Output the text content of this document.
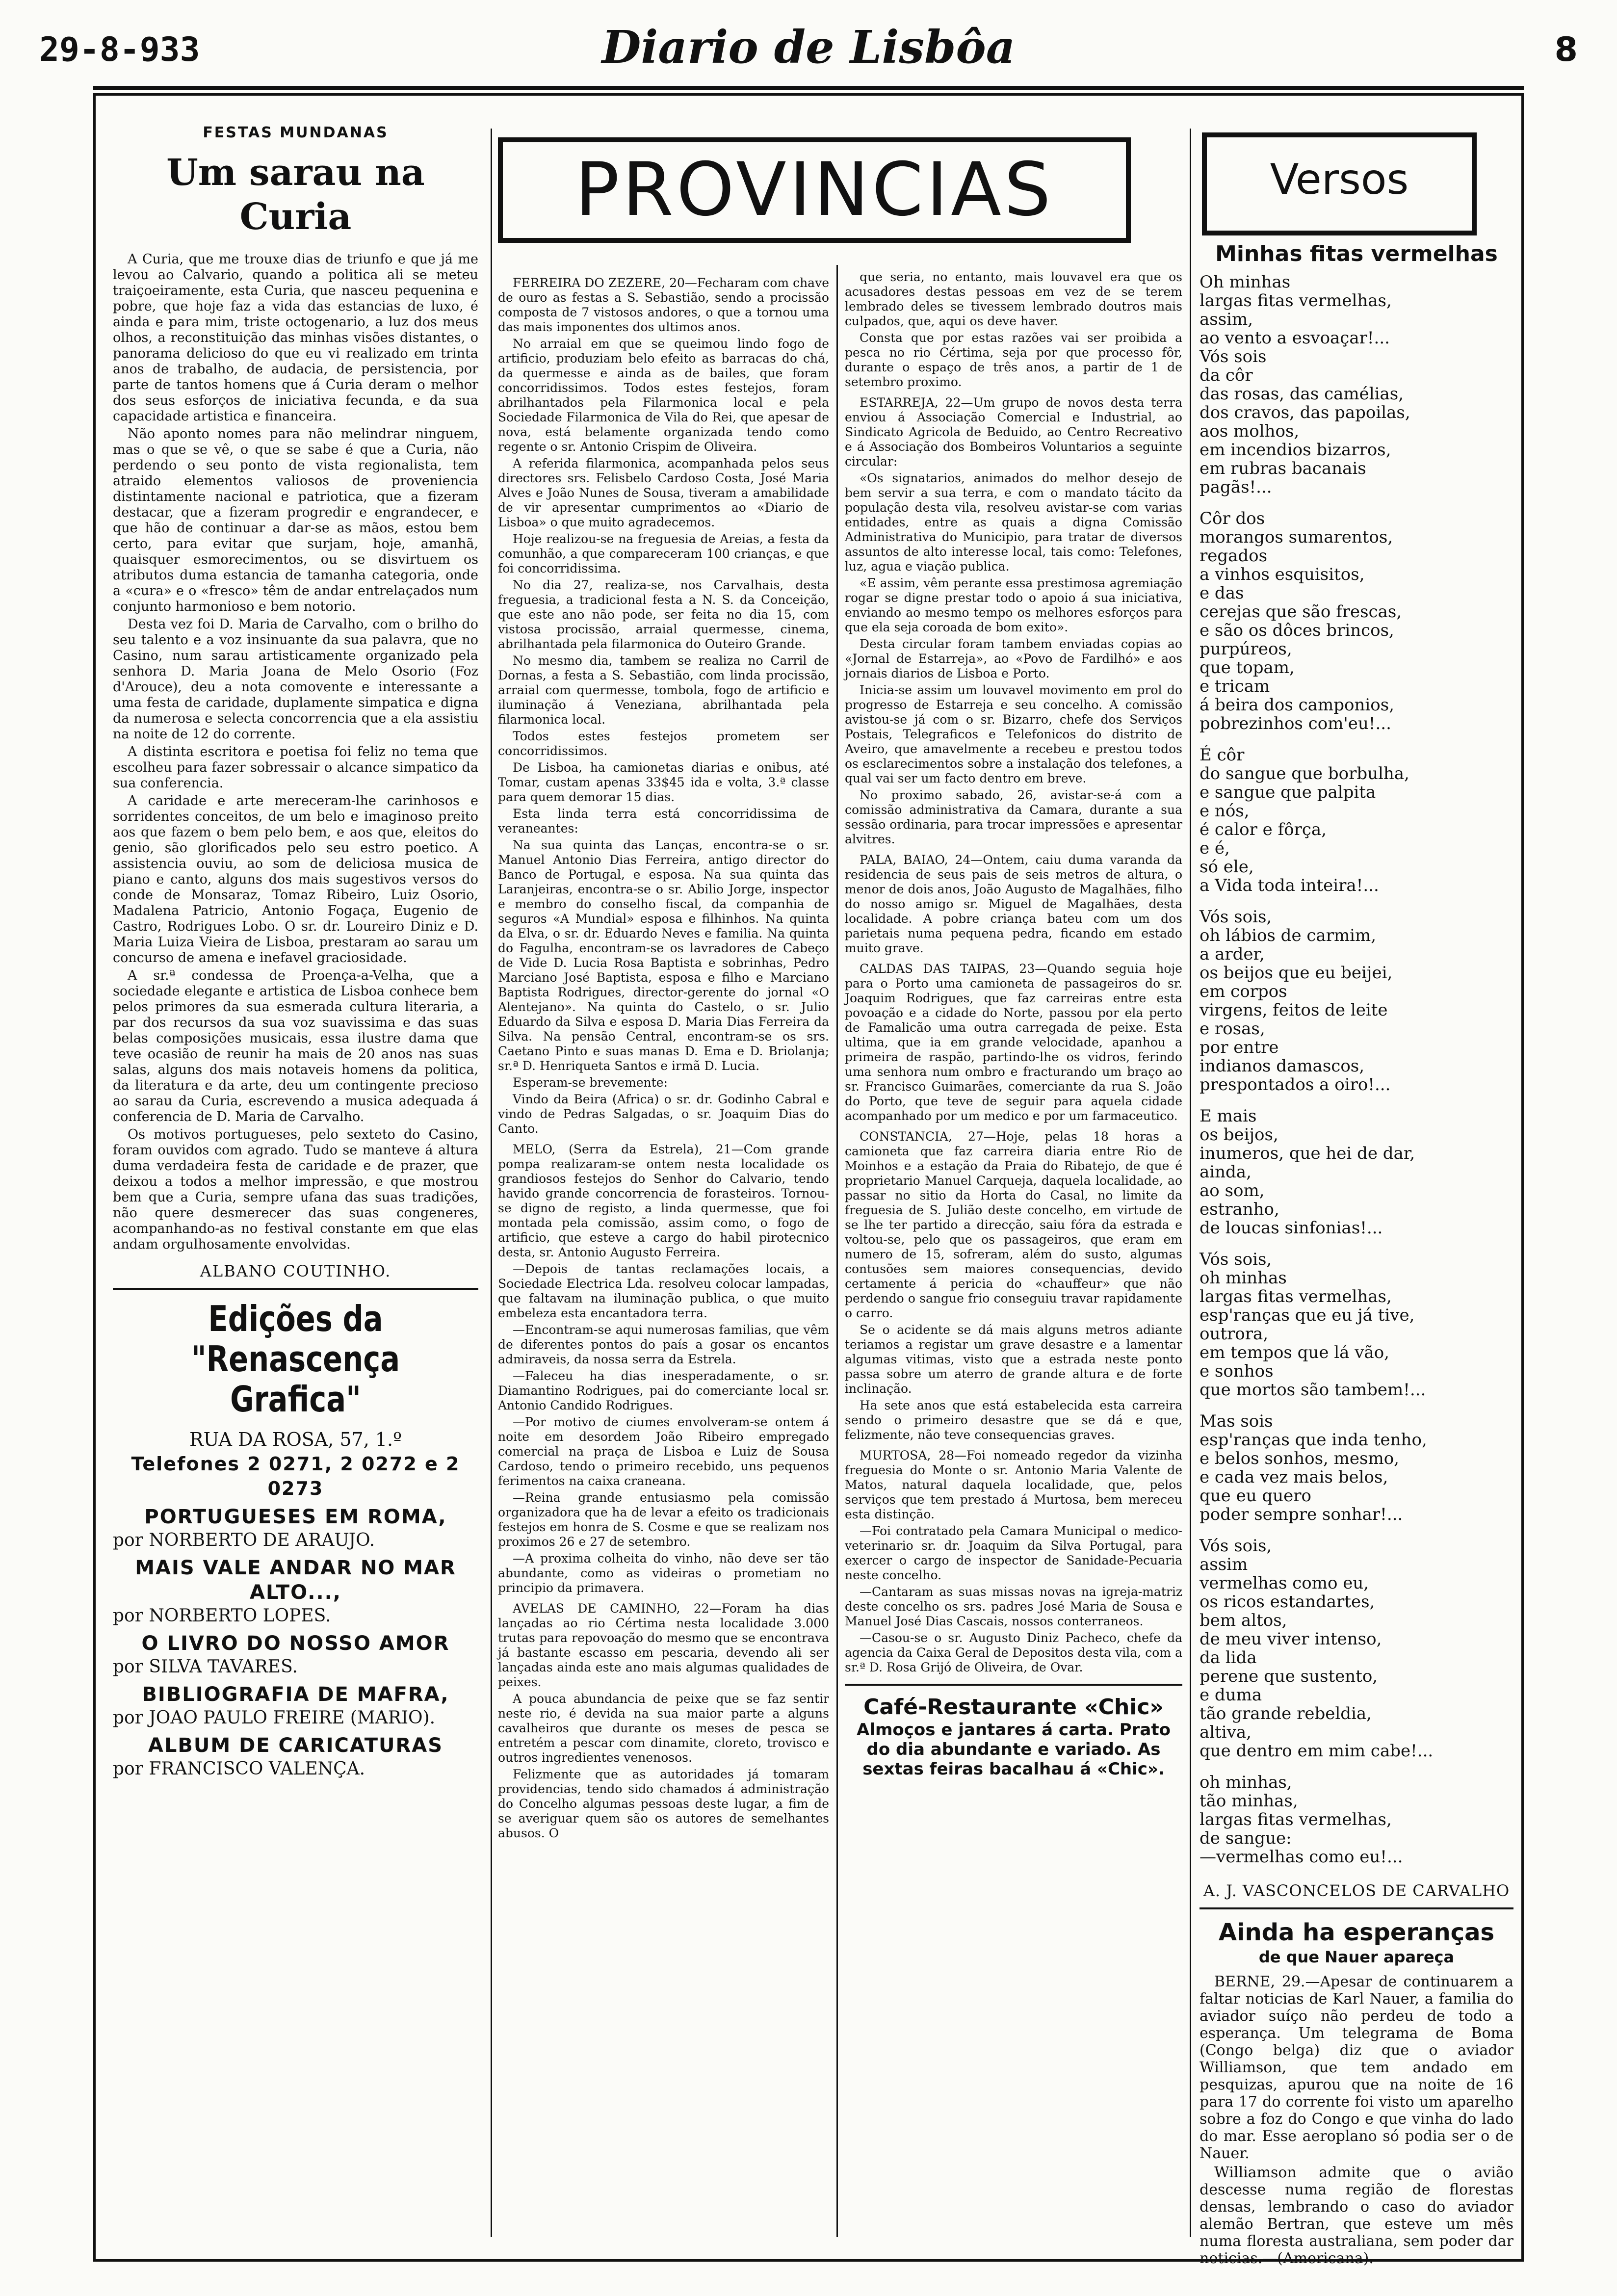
29-8-933	Diario de Lisbôa	8
FESTAS MUNDANAS
Um sarau na Curia

A Curia, que me trouxe dias de triunfo e que já me levou ao Calvario, quando a politica ali se meteu traiçoeiramente, esta Curia, que nasceu pequenina e pobre, que hoje faz a vida das estancias de luxo, é ainda e para mim, triste octogenario, a luz dos meus olhos, a reconstituição das minhas visões distantes, o panorama delicioso do que eu vi realizado em trinta anos de trabalho, de audacia, de persistencia, por parte de tantos homens que á Curia deram o melhor dos seus esforços de iniciativa fecunda, e da sua capacidade artistica e financeira.

Não aponto nomes para não melindrar ninguem, mas o que se vê, o que se sabe é que a Curia, não perdendo o seu ponto de vista regionalista, tem atraido elementos valiosos de proveniencia distintamente nacional e patriotica, que a fizeram destacar, que a fizeram progredir e engrandecer, e que hão de continuar a dar-se as mãos, estou bem certo, para evitar que surjam, hoje, amanhã, quaisquer esmorecimentos, ou se disvirtuem os atributos duma estancia de tamanha categoria, onde a «cura» e o «fresco» têm de andar entrelaçados num conjunto harmonioso e bem notorio.

Desta vez foi D. Maria de Carvalho, com o brilho do seu talento e a voz insinuante da sua palavra, que no Casino, num sarau artisticamente organizado pela senhora D. Maria Joana de Melo Osorio (Foz d'Arouce), deu a nota comovente e interessante a uma festa de caridade, duplamente simpatica e digna da numerosa e selecta concorrencia que a ela assistiu na noite de 12 do corrente.

A distinta escritora e poetisa foi feliz no tema que escolheu para fazer sobressair o alcance simpatico da sua conferencia.

A caridade e arte mereceram-lhe carinhosos e sorridentes conceitos, de um belo e imaginoso preito aos que fazem o bem pelo bem, e aos que, eleitos do genio, são glorificados pelo seu estro poetico. A assistencia ouviu, ao som de deliciosa musica de piano e canto, alguns dos mais sugestivos versos do conde de Monsaraz, Tomaz Ribeiro, Luiz Osorio, Madalena Patricio, Antonio Fogaça, Eugenio de Castro, Rodrigues Lobo. O sr. dr. Loureiro Diniz e D. Maria Luiza Vieira de Lisboa, prestaram ao sarau um concurso de amena e inefavel graciosidade.

A sr.ª condessa de Proença-a-Velha, que a sociedade elegante e artistica de Lisboa conhece bem pelos primores da sua esmerada cultura literaria, a par dos recursos da sua voz suavissima e das suas belas composições musicais, essa ilustre dama que teve ocasião de reunir ha mais de 20 anos nas suas salas, alguns dos mais notaveis homens da politica, da literatura e da arte, deu um contingente precioso ao sarau da Curia, escrevendo a musica adequada á conferencia de D. Maria de Carvalho.

Os motivos portugueses, pelo sexteto do Casino, foram ouvidos com agrado. Tudo se manteve á altura duma verdadeira festa de caridade e de prazer, que deixou a todos a melhor impressão, e que mostrou bem que a Curia, sempre ufana das suas tradições, não quere desmerecer das suas congeneres, acompanhando-as no festival constante em que elas andam orgulhosamente envolvidas.

ALBANO COUTINHO.
Edições da "Renascença Grafica"
RUA DA ROSA, 57, 1.º
Telefones 2 0271, 2 0272 e 2 0273
PORTUGUESES EM ROMA,
por NORBERTO DE ARAUJO.
MAIS VALE ANDAR NO MAR ALTO...,
por NORBERTO LOPES.
O LIVRO DO NOSSO AMOR
por SILVA TAVARES.
BIBLIOGRAFIA DE MAFRA,
por JOAO PAULO FREIRE (MARIO).
ALBUM DE CARICATURAS
por FRANCISCO VALENÇA.
PROVINCIAS

FERREIRA DO ZEZERE, 20—Fecharam com chave de ouro as festas a S. Sebastião, sendo a procissão composta de 7 vistosos andores, o que a tornou uma das mais imponentes dos ultimos anos.

No arraial em que se queimou lindo fogo de artificio, produziam belo efeito as barracas do chá, da quermesse e ainda as de bailes, que foram concorridissimos. Todos estes festejos, foram abrilhantados pela Filarmonica local e pela Sociedade Filarmonica de Vila do Rei, que apesar de nova, está belamente organizada tendo como regente o sr. Antonio Crispim de Oliveira.

A referida filarmonica, acompanhada pelos seus directores srs. Felisbelo Cardoso Costa, José Maria Alves e João Nunes de Sousa, tiveram a amabilidade de vir apresentar cumprimentos ao «Diario de Lisboa» o que muito agradecemos.

Hoje realizou-se na freguesia de Areias, a festa da comunhão, a que compareceram 100 crianças, e que foi concorridissima.

No dia 27, realiza-se, nos Carvalhais, desta freguesia, a tradicional festa a N. S. da Conceição, que este ano não pode, ser feita no dia 15, com vistosa procissão, arraial quermesse, cinema, abrilhantada pela filarmonica do Outeiro Grande.

No mesmo dia, tambem se realiza no Carril de Dornas, a festa a S. Sebastião, com linda procissão, arraial com quermesse, tombola, fogo de artificio e iluminação á Veneziana, abrilhantada pela filarmonica local.

Todos estes festejos prometem ser concorridissimos.

De Lisboa, ha camionetas diarias e onibus, até Tomar, custam apenas 33$45 ida e volta, 3.ª classe para quem demorar 15 dias.

Esta linda terra está concorridissima de veraneantes:

Na sua quinta das Lanças, encontra-se o sr. Manuel Antonio Dias Ferreira, antigo director do Banco de Portugal, e esposa. Na sua quinta das Laranjeiras, encontra-se o sr. Abilio Jorge, inspector e membro do conselho fiscal, da companhia de seguros «A Mundial» esposa e filhinhos. Na quinta da Elva, o sr. dr. Eduardo Neves e familia. Na quinta do Fagulha, encontram-se os lavradores de Cabeço de Vide D. Lucia Rosa Baptista e sobrinhas, Pedro Marciano José Baptista, esposa e filho e Marciano Baptista Rodrigues, director-gerente do jornal «O Alentejano». Na quinta do Castelo, o sr. Julio Eduardo da Silva e esposa D. Maria Dias Ferreira da Silva. Na pensão Central, encontram-se os srs. Caetano Pinto e suas manas D. Ema e D. Briolanja; sr.ª D. Henriqueta Santos e irmã D. Lucia.

Esperam-se brevemente:

Vindo da Beira (Africa) o sr. dr. Godinho Cabral e vindo de Pedras Salgadas, o sr. Joaquim Dias do Canto.

MELO, (Serra da Estrela), 21—Com grande pompa realizaram-se ontem nesta localidade os grandiosos festejos do Senhor do Calvario, tendo havido grande concorrencia de forasteiros. Tornou-se digno de registo, a linda quermesse, que foi montada pela comissão, assim como, o fogo de artificio, que esteve a cargo do habil pirotecnico desta, sr. Antonio Augusto Ferreira.

—Depois de tantas reclamações locais, a Sociedade Electrica Lda. resolveu colocar lampadas, que faltavam na iluminação publica, o que muito embeleza esta encantadora terra.

—Encontram-se aqui numerosas familias, que vêm de diferentes pontos do país a gosar os encantos admiraveis, da nossa serra da Estrela.

—Faleceu ha dias inesperadamente, o sr. Diamantino Rodrigues, pai do comerciante local sr. Antonio Candido Rodrigues.

—Por motivo de ciumes envolveram-se ontem á noite em desordem João Ribeiro empregado comercial na praça de Lisboa e Luiz de Sousa Cardoso, tendo o primeiro recebido, uns pequenos ferimentos na caixa craneana.

—Reina grande entusiasmo pela comissão organizadora que ha de levar a efeito os tradicionais festejos em honra de S. Cosme e que se realizam nos proximos 26 e 27 de setembro.

—A proxima colheita do vinho, não deve ser tão abundante, como as videiras o prometiam no principio da primavera.

AVELAS DE CAMINHO, 22—Foram ha dias lançadas ao rio Cértima nesta localidade 3.000 trutas para repovoação do mesmo que se encontrava já bastante escasso em pescaria, devendo ali ser lançadas ainda este ano mais algumas qualidades de peixes.

A pouca abundancia de peixe que se faz sentir neste rio, é devida na sua maior parte a alguns cavalheiros que durante os meses de pesca se entretém a pescar com dinamite, cloreto, trovisco e outros ingredientes venenosos.

Felizmente que as autoridades já tomaram providencias, tendo sido chamados á administração do Concelho algumas pessoas deste lugar, a fim de se averiguar quem são os autores de semelhantes abusos. O

que seria, no entanto, mais louvavel era que os acusadores destas pessoas em vez de se terem lembrado deles se tivessem lembrado doutros mais culpados, que, aqui os deve haver.

Consta que por estas razões vai ser proibida a pesca no rio Cértima, seja por que processo fôr, durante o espaço de três anos, a partir de 1 de setembro proximo.

ESTARREJA, 22—Um grupo de novos desta terra enviou á Associação Comercial e Industrial, ao Sindicato Agricola de Beduido, ao Centro Recreativo e á Associação dos Bombeiros Voluntarios a seguinte circular:

«Os signatarios, animados do melhor desejo de bem servir a sua terra, e com o mandato tácito da população desta vila, resolveu avistar-se com varias entidades, entre as quais a digna Comissão Administrativa do Municipio, para tratar de diversos assuntos de alto interesse local, tais como: Telefones, luz, agua e viação publica.

«E assim, vêm perante essa prestimosa agremiação rogar se digne prestar todo o apoio á sua iniciativa, enviando ao mesmo tempo os melhores esforços para que ela seja coroada de bom exito».

Desta circular foram tambem enviadas copias ao «Jornal de Estarreja», ao «Povo de Fardilhó» e aos jornais diarios de Lisboa e Porto.

Inicia-se assim um louvavel movimento em prol do progresso de Estarreja e seu concelho. A comissão avistou-se já com o sr. Bizarro, chefe dos Serviços Postais, Telegraficos e Telefonicos do distrito de Aveiro, que amavelmente a recebeu e prestou todos os esclarecimentos sobre a instalação dos telefones, a qual vai ser um facto dentro em breve.

No proximo sabado, 26, avistar-se-á com a comissão administrativa da Camara, durante a sua sessão ordinaria, para trocar impressões e apresentar alvitres.

PALA, BAIAO, 24—Ontem, caiu duma varanda da residencia de seus pais de seis metros de altura, o menor de dois anos, João Augusto de Magalhães, filho do nosso amigo sr. Miguel de Magalhães, desta localidade. A pobre criança bateu com um dos parietais numa pequena pedra, ficando em estado muito grave.

CALDAS DAS TAIPAS, 23—Quando seguia hoje para o Porto uma camioneta de passageiros do sr. Joaquim Rodrigues, que faz carreiras entre esta povoação e a cidade do Norte, passou por ela perto de Famalicão uma outra carregada de peixe. Esta ultima, que ia em grande velocidade, apanhou a primeira de raspão, partindo-lhe os vidros, ferindo uma senhora num ombro e fracturando um braço ao sr. Francisco Guimarães, comerciante da rua S. João do Porto, que teve de seguir para aquela cidade acompanhado por um medico e por um farmaceutico.

CONSTANCIA, 27—Hoje, pelas 18 horas a camioneta que faz carreira diaria entre Rio de Moinhos e a estação da Praia do Ribatejo, de que é proprietario Manuel Carqueja, daquela localidade, ao passar no sitio da Horta do Casal, no limite da freguesia de S. Julião deste concelho, em virtude de se lhe ter partido a direcção, saiu fóra da estrada e voltou-se, pelo que os passageiros, que eram em numero de 15, sofreram, além do susto, algumas contusões sem maiores consequencias, devido certamente á pericia do «chauffeur» que não perdendo o sangue frio conseguiu travar rapidamente o carro.

Se o acidente se dá mais alguns metros adiante teriamos a registar um grave desastre e a lamentar algumas vitimas, visto que a estrada neste ponto passa sobre um aterro de grande altura e de forte inclinação.

Ha sete anos que está estabelecida esta carreira sendo o primeiro desastre que se dá e que, felizmente, não teve consequencias graves.

MURTOSA, 28—Foi nomeado regedor da vizinha freguesia do Monte o sr. Antonio Maria Valente de Matos, natural daquela localidade, que, pelos serviços que tem prestado á Murtosa, bem mereceu esta distinção.

—Foi contratado pela Camara Municipal o medico-veterinario sr. dr. Joaquim da Silva Portugal, para exercer o cargo de inspector de Sanidade-Pecuaria neste concelho.

—Cantaram as suas missas novas na igreja-matriz deste concelho os srs. padres José Maria de Sousa e Manuel José Dias Cascais, nossos conterraneos.

—Casou-se o sr. Augusto Diniz Pacheco, chefe da agencia da Caixa Geral de Depositos desta vila, com a sr.ª D. Rosa Grijó de Oliveira, de Ovar.

Café-Restaurante «Chic»
Almoços e jantares á carta. Prato do dia abundante e variado. As sextas feiras bacalhau á «Chic».
Versos
Minhas fitas vermelhas
Oh minhas
largas fitas vermelhas,
assim,
ao vento a esvoaçar!...
Vós sois
da côr
das rosas, das camélias,
dos cravos, das papoilas,
aos molhos,
em incendios bizarros,
em rubras bacanais
pagãs!...
Côr dos
morangos sumarentos,
regados
a vinhos esquisitos,
e das
cerejas que são frescas,
e são os dôces brincos,
purpúreos,
que topam,
e tricam
á beira dos camponios,
pobrezinhos com'eu!...
É côr
do sangue que borbulha,
e sangue que palpita
e nós,
é calor e fôrça,
e é,
só ele,
a Vida toda inteira!...
Vós sois,
oh lábios de carmim,
a arder,
os beijos que eu beijei,
em corpos
virgens, feitos de leite
e rosas,
por entre
indianos damascos,
prespontados a oiro!...
E mais
os beijos,
inumeros, que hei de dar,
ainda,
ao som,
estranho,
de loucas sinfonias!...
Vós sois,
oh minhas
largas fitas vermelhas,
esp'ranças que eu já tive,
outrora,
em tempos que lá vão,
e sonhos
que mortos são tambem!...
Mas sois
esp'ranças que inda tenho,
e belos sonhos, mesmo,
e cada vez mais belos,
que eu quero
poder sempre sonhar!...
Vós sois,
assim
vermelhas como eu,
os ricos estandartes,
bem altos,
de meu viver intenso,
da lida
perene que sustento,
e duma
tão grande rebeldia,
altiva,
que dentro em mim cabe!...
oh minhas,
tão minhas,
largas fitas vermelhas,
de sangue:
—vermelhas como eu!...
A. J. VASCONCELOS DE CARVALHO
Ainda ha esperanças
de que Nauer apareça

BERNE, 29.—Apesar de continuarem a faltar noticias de Karl Nauer, a familia do aviador suíço não perdeu de todo a esperança. Um telegrama de Boma (Congo belga) diz que o aviador Williamson, que tem andado em pesquizas, apurou que na noite de 16 para 17 do corrente foi visto um aparelho sobre a foz do Congo e que vinha do lado do mar. Esse aeroplano só podia ser o de Nauer.

Williamson admite que o avião descesse numa região de florestas densas, lembrando o caso do aviador alemão Bertran, que esteve um mês numa floresta australiana, sem poder dar noticias.—(Americana).
